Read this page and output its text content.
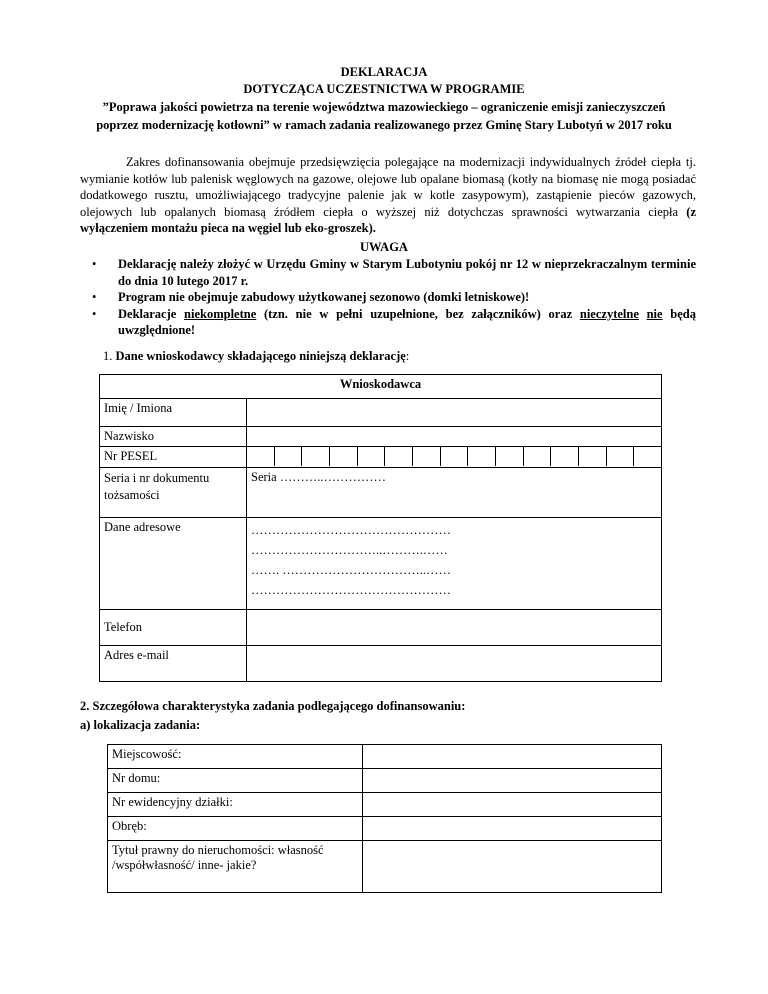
DEKLARACJA
DOTYCZĄCA UCZESTNICTWA W PROGRAMIE
”Poprawa jakości powietrza na terenie województwa mazowieckiego – ograniczenie emisji zanieczyszczeń
poprzez modernizację kotłowni” w ramach zadania realizowanego przez Gminę Stary Lubotyń w 2017 roku
Zakres dofinansowania obejmuje przedsięwzięcia polegające na modernizacji indywidualnych źródeł ciepła tj. wymianie kotłów lub palenisk węglowych na gazowe, olejowe lub opalane biomasą (kotły na biomasę nie mogą posiadać dodatkowego rusztu, umożliwiającego tradycyjne palenie jak w kotle zasypowym), zastąpienie pieców gazowych, olejowych lub opalanych biomasą źródłem ciepła o wyższej niż dotychczas sprawności wytwarzania ciepła (z wyłączeniem montażu pieca na węgiel lub eko-groszek).
UWAGA
• Deklarację należy złożyć w Urzędu Gminy w Starym Lubotyniu pokój nr 12 w nieprzekraczalnym terminie do dnia 10 lutego 2017 r.
• Program nie obejmuje zabudowy użytkowanej sezonowo (domki letniskowe)!
• Deklaracje niekompletne (tzn. nie w pełni uzupełnione, bez załączników) oraz nieczytelne nie będą uwzględnione!
1. Dane wnioskodawcy składającego niniejszą deklarację:
Wnioskodawca	
Imię / Imiona	
Nazwisko	
Nr PESEL	

Seria i nr dokumentu tożsamości	Seria ………..……………
Dane adresowe	…………………………………………
…………………………..……….……
……. ……………………………..……
…………………………………………

Telefon	
Adres e-mail	
2. Szczegółowa charakterystyka zadania podlegającego dofinansowaniu:
a) lokalizacja zadania:
Miejscowość:	
Nr domu:	
Nr ewidencyjny działki:	
Obręb:	
Tytuł prawny do nieruchomości: własność /współwłasność/ inne- jakie?	
